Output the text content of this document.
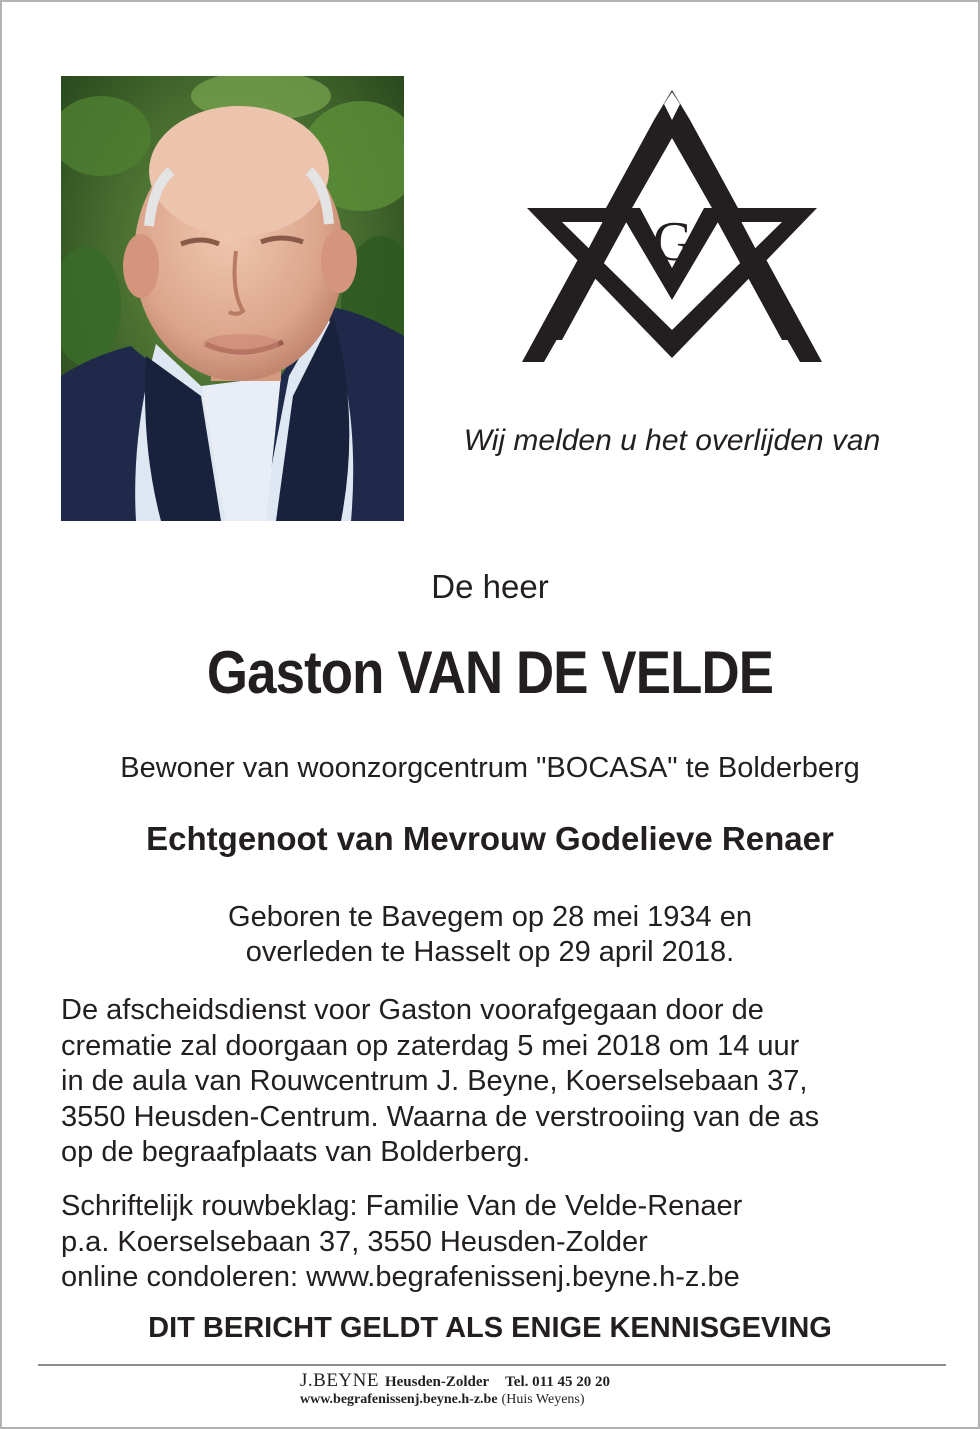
G
Wij melden u het overlijden van
De heer
Gaston VAN DE VELDE
Bewoner van woonzorgcentrum "BOCASA" te Bolderberg
Echtgenoot van Mevrouw Godelieve Renaer
Geboren te Bavegem op 28 mei 1934 en
overleden te Hasselt op 29 april 2018.
De afscheidsdienst voor Gaston voorafgegaan door de
crematie zal doorgaan op zaterdag 5 mei 2018 om 14 uur
in de aula van Rouwcentrum J. Beyne, Koerselsebaan 37,
3550 Heusden-Centrum. Waarna de verstrooiing van de as
op de begraafplaats van Bolderberg.
Schriftelijk rouwbeklag: Familie Van de Velde-Renaer
p.a. Koerselsebaan 37, 3550 Heusden-Zolder
online condoleren: www.begrafenissenj.beyne.h-z.be
DIT BERICHT GELDT ALS ENIGE KENNISGEVING
J.BEYNE Heusden-Zolder Tel. 011 45 20 20
www.begrafenissenj.beyne.h-z.be (Huis Weyens)
